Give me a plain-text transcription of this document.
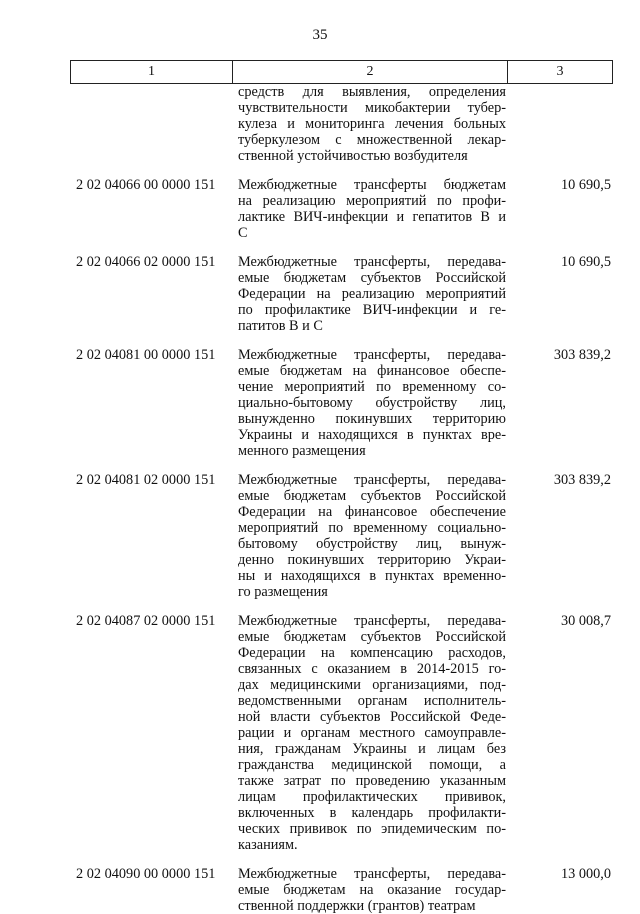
35
1	2	3
средств для выявления, определения
чувствительности микобактерии тубер-
кулеза и мониторинга лечения больных
туберкулезом с множественной лекар-
ственной устойчивостью возбудителя
2 02 04066 00 0000 151	Межбюджетные трансферты бюджетам
на реализацию мероприятий по профи-
лактике ВИЧ-инфекции и гепатитов В и
С
10 690,5
2 02 04066 02 0000 151	Межбюджетные трансферты, передава-
емые бюджетам субъектов Российской
Федерации на реализацию мероприятий
по профилактике ВИЧ-инфекции и ге-
патитов В и С
10 690,5
2 02 04081 00 0000 151	Межбюджетные трансферты, передава-
емые бюджетам на финансовое обеспе-
чение мероприятий по временному со-
циально-бытовому обустройству лиц,
вынужденно покинувших территорию
Украины и находящихся в пунктах вре-
менного размещения
303 839,2
2 02 04081 02 0000 151	Межбюджетные трансферты, передава-
емые бюджетам субъектов Российской
Федерации на финансовое обеспечение
мероприятий по временному социально-
бытовому обустройству лиц, вынуж-
денно покинувших территорию Украи-
ны и находящихся в пунктах временно-
го размещения
303 839,2
2 02 04087 02 0000 151	Межбюджетные трансферты, передава-
емые бюджетам субъектов Российской
Федерации на компенсацию расходов,
связанных с оказанием в 2014-2015 го-
дах медицинскими организациями, под-
ведомственными органам исполнитель-
ной власти субъектов Российской Феде-
рации и органам местного самоуправле-
ния, гражданам Украины и лицам без
гражданства медицинской помощи, а
также затрат по проведению указанным
лицам профилактических прививок,
включенных в календарь профилакти-
ческих прививок по эпидемическим по-
казаниям.
30 008,7
2 02 04090 00 0000 151	Межбюджетные трансферты, передава-
емые бюджетам на оказание государ-
ственной поддержки (грантов) театрам
13 000,0
